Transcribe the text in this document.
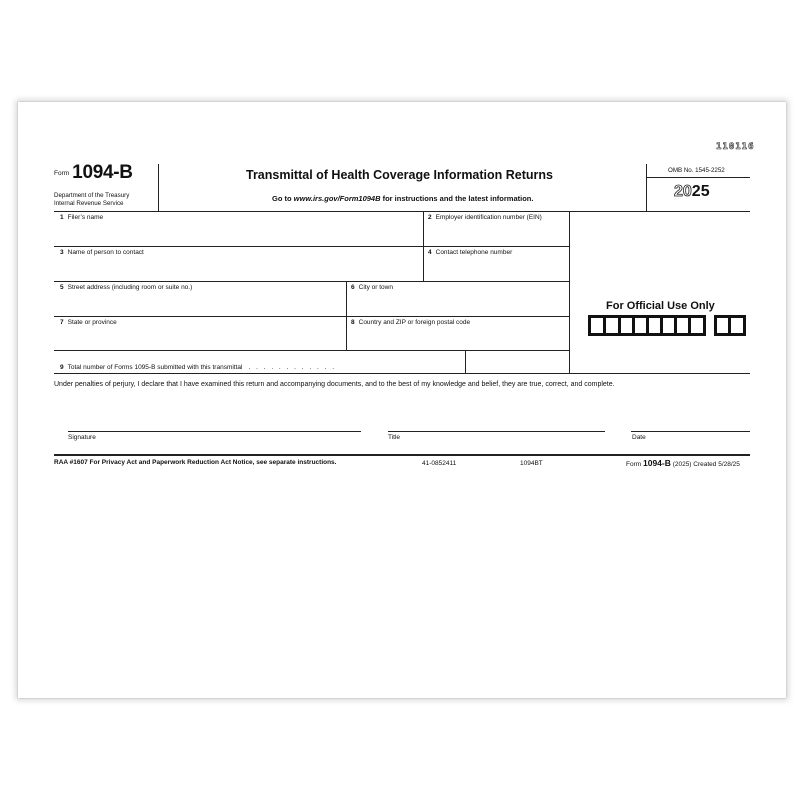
110116
Form 1094-B
Department of the Treasury
Internal Revenue Service
Transmittal of Health Coverage Information Returns
Go to www.irs.gov/Form1094B for instructions and the latest information.
OMB No. 1545-2252
2025
1 Filer’s name	2 Employer identification number (EIN)
3 Name of person to contact	4 Contact telephone number
5 Street address (including room or suite no.)	6 City or town
7 State or province	8 Country and ZIP or foreign postal code
9 Total number of Forms 1095-B submitted with this transmittal . . . . . . . . . . . .
For Official Use Only
Under penalties of perjury, I declare that I have examined this return and accompanying documents, and to the best of my knowledge and belief, they are true, correct, and complete.
Signature	Title	Date
RAA #1607 For Privacy Act and Paperwork Reduction Act Notice, see separate instructions.	41-0852411	1094BT	Form 1094-B (2025) Created 5/28/25
